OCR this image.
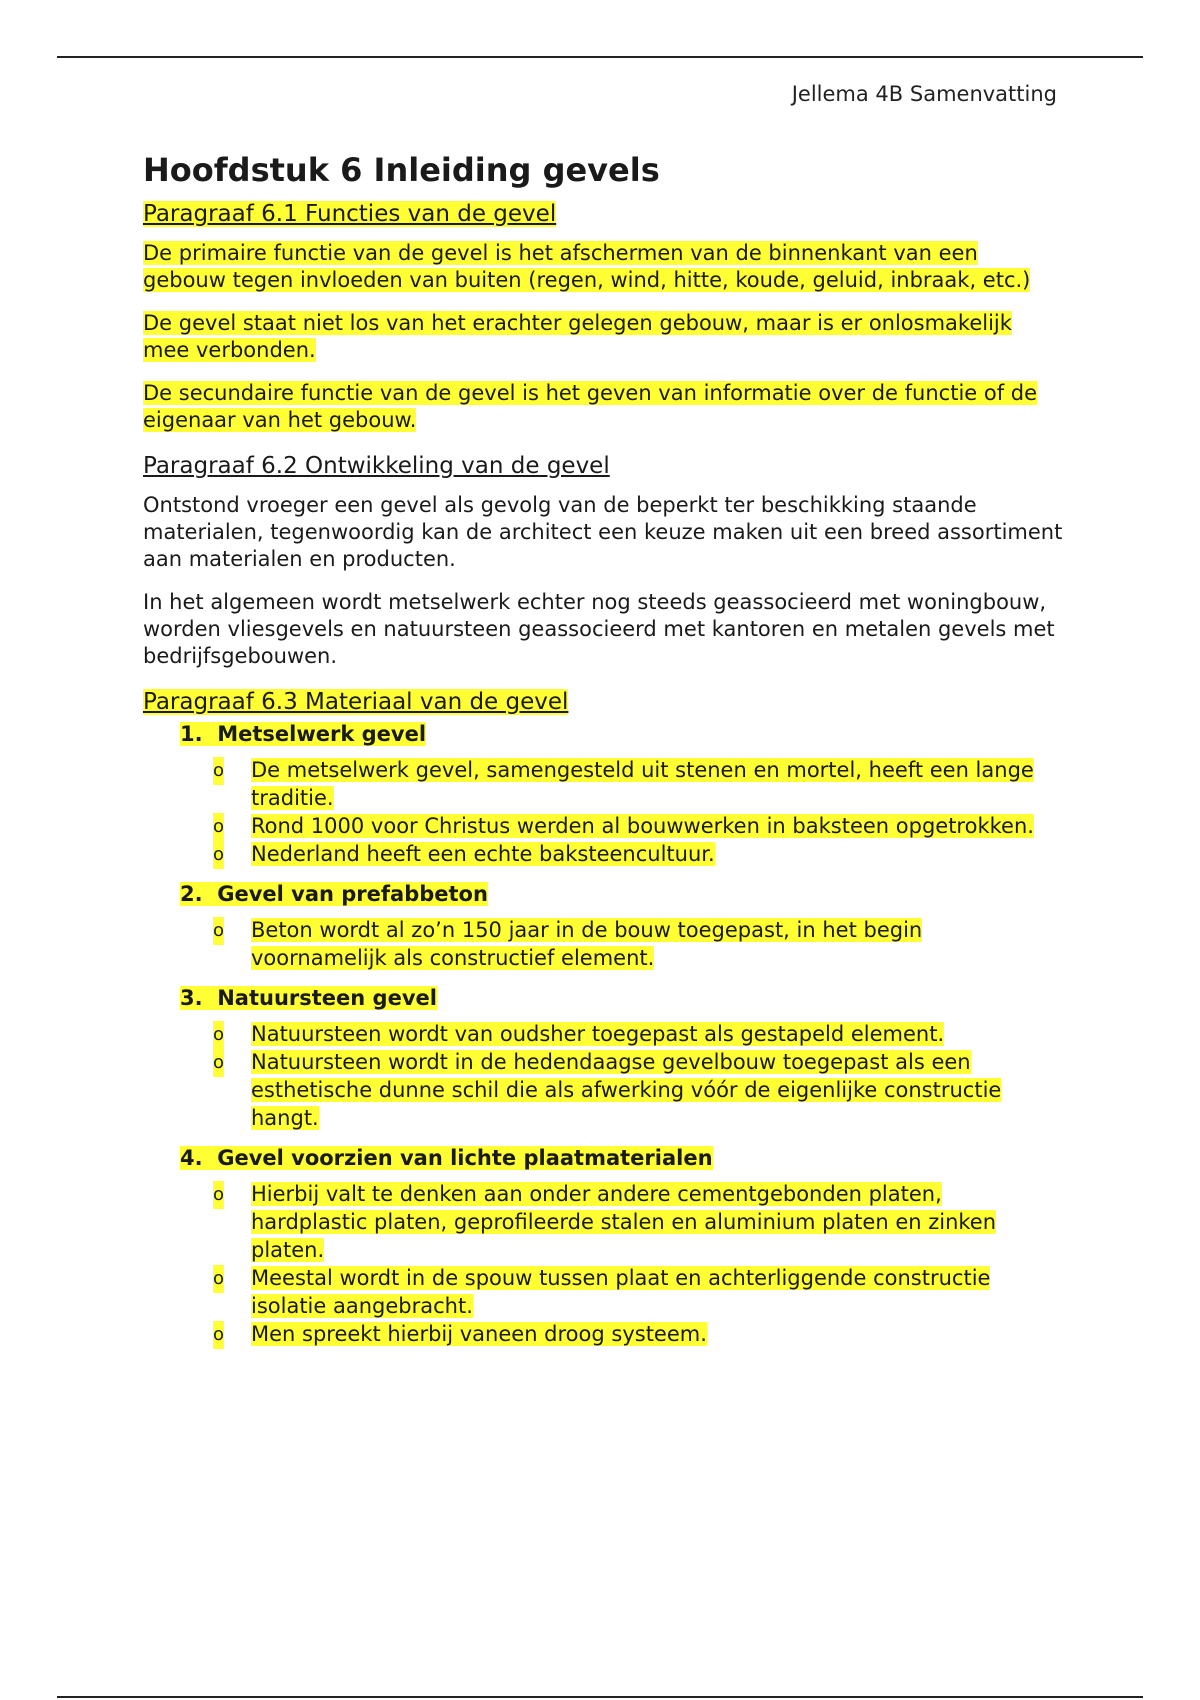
Jellema 4B Samenvatting
Hoofdstuk 6 Inleiding gevels
Paragraaf 6.1 Functies van de gevel

De primaire functie van de gevel is het afschermen van de binnenkant van een gebouw tegen invloeden van buiten (regen, wind, hitte, koude, geluid, inbraak, etc.)

De gevel staat niet los van het erachter gelegen gebouw, maar is er onlosmakelijk mee verbonden.

De secundaire functie van de gevel is het geven van informatie over de functie of de eigenaar van het gebouw.

Paragraaf 6.2 Ontwikkeling van de gevel

Ontstond vroeger een gevel als gevolg van de beperkt ter beschikking staande materialen, tegenwoordig kan de architect een keuze maken uit een breed assortiment aan materialen en producten.

In het algemeen wordt metselwerk echter nog steeds geassocieerd met woningbouw, worden vliesgevels en natuursteen geassocieerd met kantoren en metalen gevels met bedrijfsgebouwen.

Paragraaf 6.3 Materiaal van de gevel
1. Metselwerk gevel
o De metselwerk gevel, samengesteld uit stenen en mortel, heeft een lange traditie.
o Rond 1000 voor Christus werden al bouwwerken in baksteen opgetrokken.
o Nederland heeft een echte baksteencultuur.
2. Gevel van prefabbeton
o Beton wordt al zo’n 150 jaar in de bouw toegepast, in het begin voornamelijk als constructief element.
3. Natuursteen gevel
o Natuursteen wordt van oudsher toegepast als gestapeld element.
o Natuursteen wordt in de hedendaagse gevelbouw toegepast als een esthetische dunne schil die als afwerking vóór de eigenlijke constructie hangt.
4. Gevel voorzien van lichte plaatmaterialen
o Hierbij valt te denken aan onder andere cementgebonden platen, hardplastic platen, geprofileerde stalen en aluminium platen en zinken platen.
o Meestal wordt in de spouw tussen plaat en achterliggende constructie isolatie aangebracht.
o Men spreekt hierbij vaneen droog systeem.
